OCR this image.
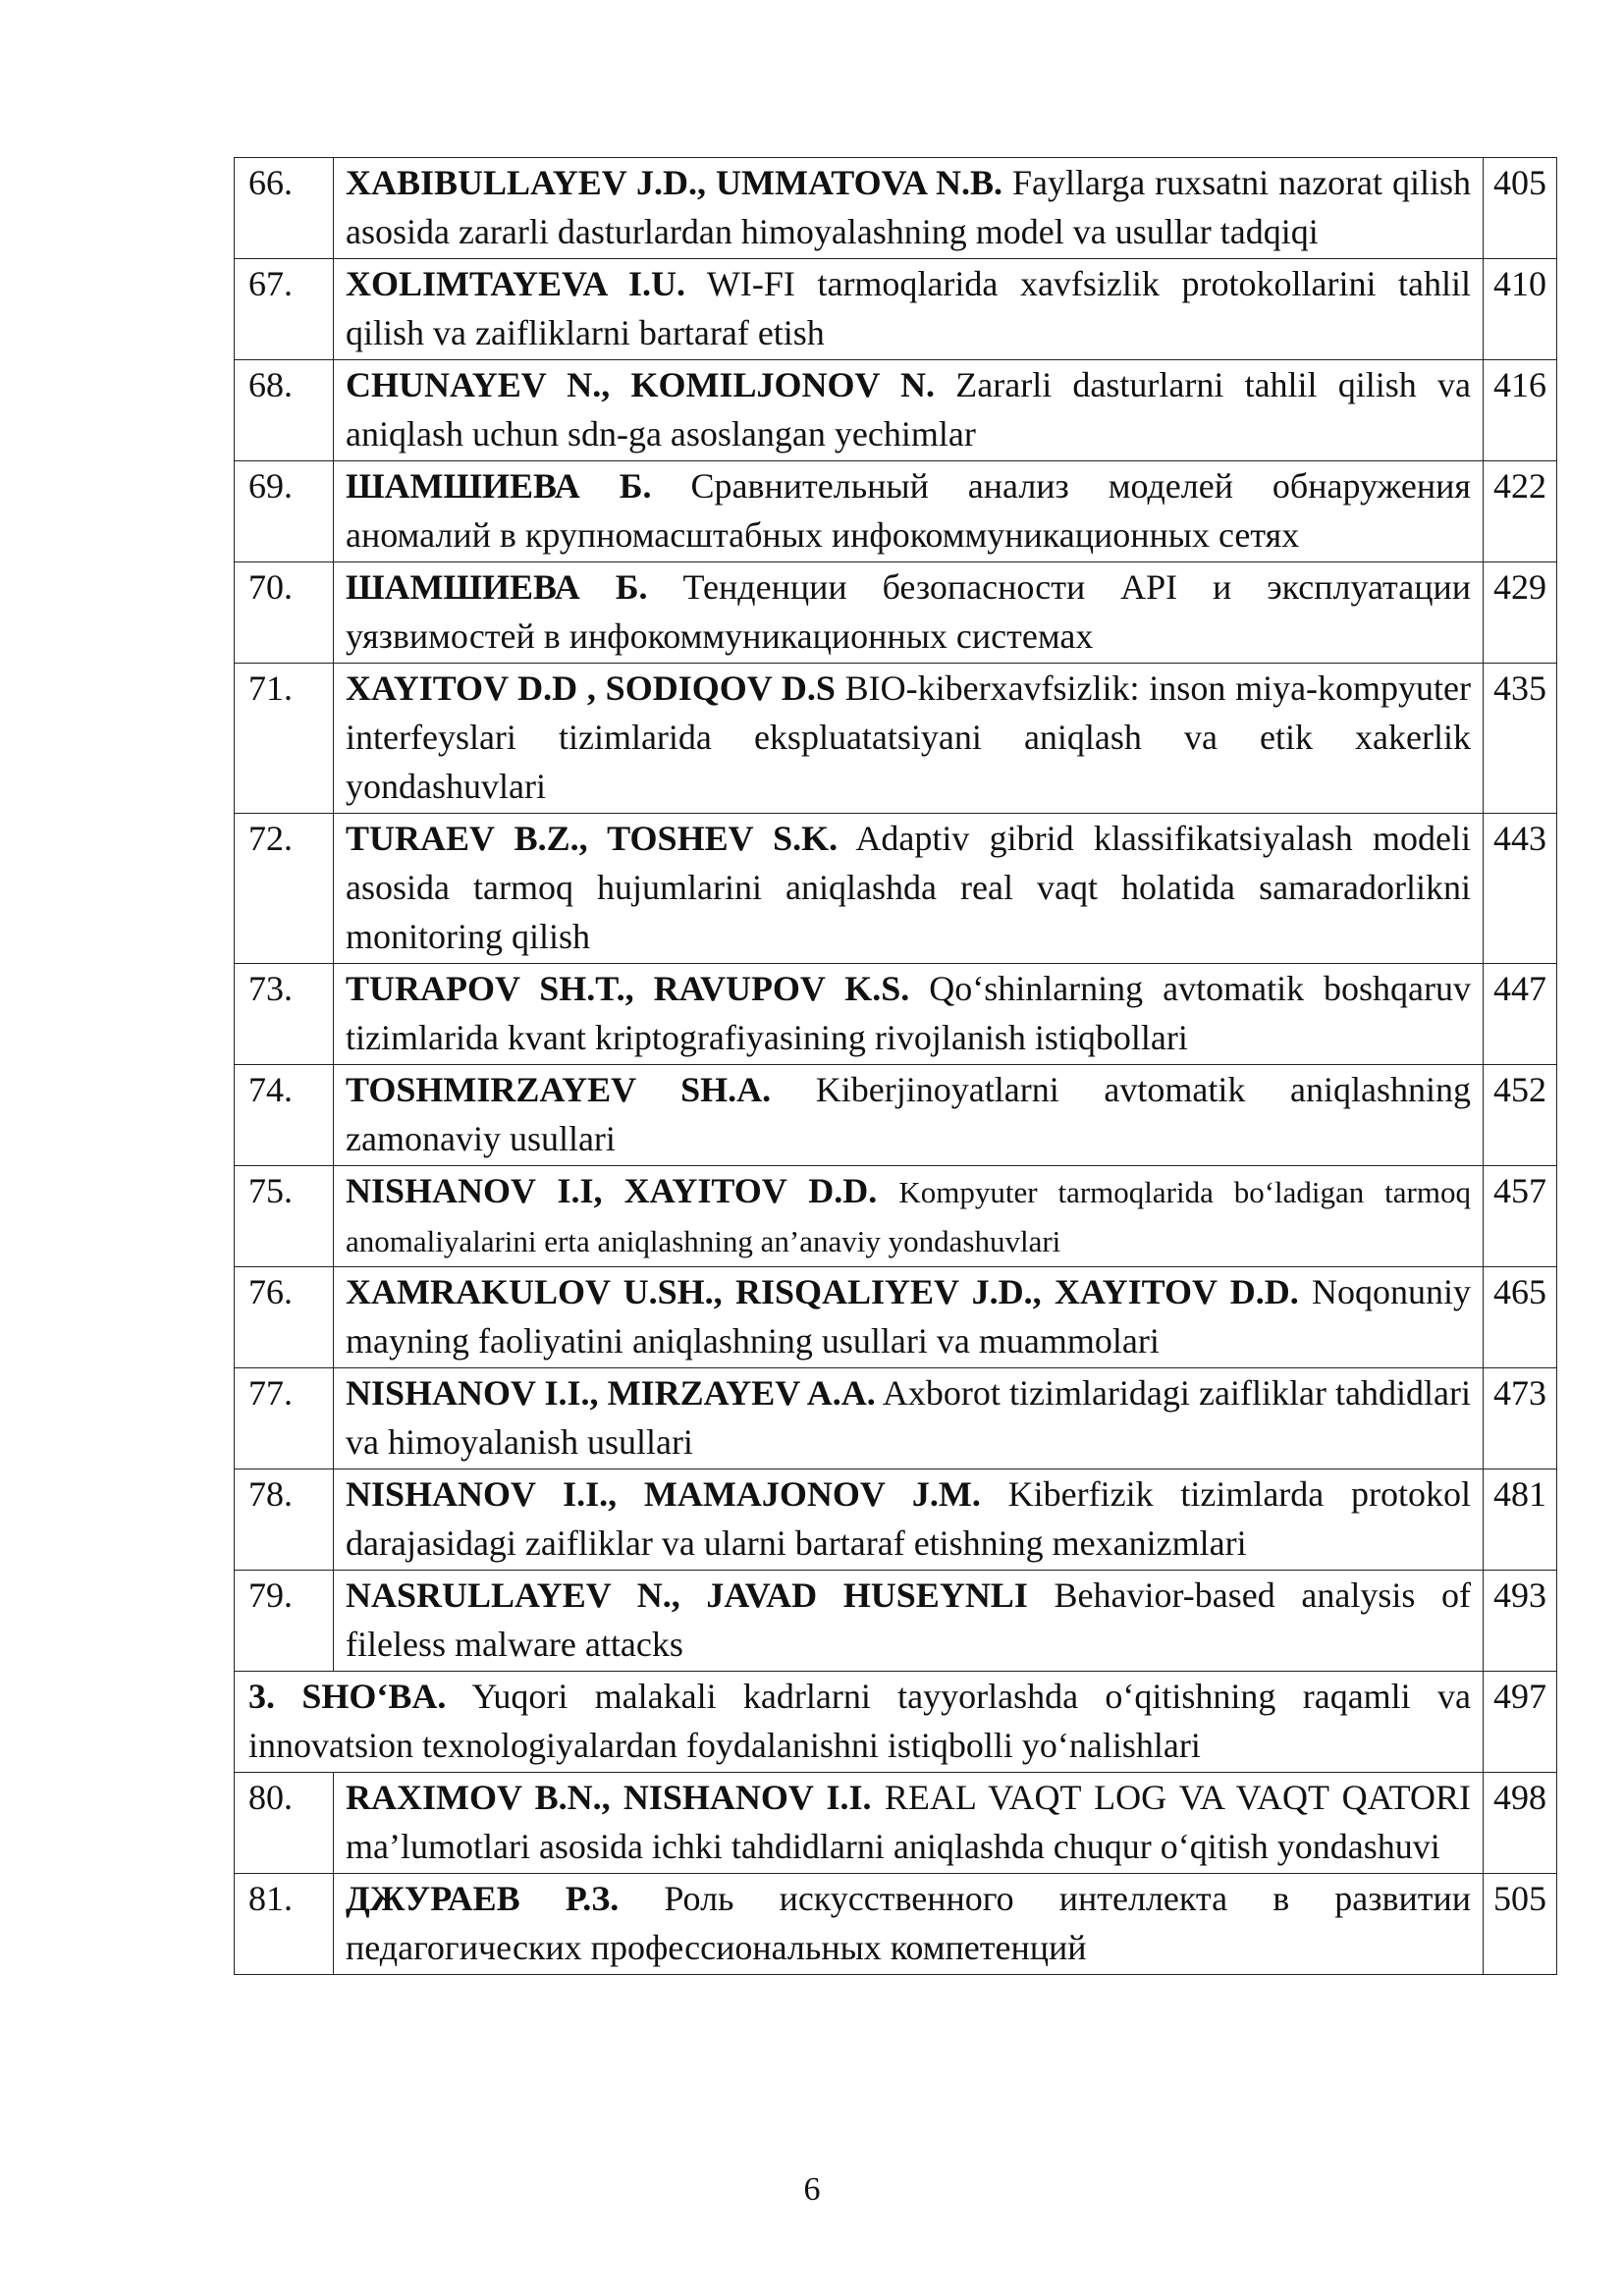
66.	XABIBULLAYEV J.D., UMMATOVA N.B. Fayllarga ruxsatni nazorat qilish asosida zararli dasturlardan himoyalashning model va usullar tadqiqi	405
67.	XOLIMTAYEVA I.U. WI-FI tarmoqlarida xavfsizlik protokollarini tahlil qilish va zaifliklarni bartaraf etish	410
68.	CHUNAYEV N., KOMILJONOV N. Zararli dasturlarni tahlil qilish va aniqlash uchun sdn-ga asoslangan yechimlar	416
69.	ШАМШИЕВА Б. Сравнительный анализ моделей обнаружения аномалий в крупномасштабных инфокоммуникационных сетях	422
70.	ШАМШИЕВА Б. Тенденции безопасности API и эксплуатации уязвимостей в инфокоммуникационных системах	429
71.	XAYITOV D.D , SODIQOV D.S BIO-kiberxavfsizlik: inson miya-kompyuter interfeyslari tizimlarida ekspluatatsiyani aniqlash va etik xakerlik yondashuvlari	435
72.	TURAEV B.Z., TOSHEV S.K. Adaptiv gibrid klassifikatsiyalash modeli asosida tarmoq hujumlarini aniqlashda real vaqt holatida samaradorlikni monitoring qilish	443
73.	TURAPOV SH.T., RAVUPOV K.S. Qo‘shinlarning avtomatik boshqaruv tizimlarida kvant kriptografiyasining rivojlanish istiqbollari	447
74.	TOSHMIRZAYEV SH.A. Kiberjinoyatlarni avtomatik aniqlashning zamonaviy usullari	452
75.	NISHANOV I.I, XAYITOV D.D. Kompyuter tarmoqlarida bo‘ladigan tarmoq anomaliyalarini erta aniqlashning an’anaviy yondashuvlari	457
76.	XAMRAKULOV U.SH., RISQALIYEV J.D., XAYITOV D.D. Noqonuniy mayning faoliyatini aniqlashning usullari va muammolari	465
77.	NISHANOV I.I., MIRZAYEV A.A. Axborot tizimlaridagi zaifliklar tahdidlari va himoyalanish usullari	473
78.	NISHANOV I.I., MAMAJONOV J.M. Kiberfizik tizimlarda protokol darajasidagi zaifliklar va ularni bartaraf etishning mexanizmlari	481
79.	NASRULLAYEV N., JAVAD HUSEYNLI Behavior-based analysis of fileless malware attacks	493
3. SHO‘BA. Yuqori malakali kadrlarni tayyorlashda o‘qitishning raqamli va innovatsion texnologiyalardan foydalanishni istiqbolli yo‘nalishlari		497
80.	RAXIMOV B.N., NISHANOV I.I. REAL VAQT LOG VA VAQT QATORI ma’lumotlari asosida ichki tahdidlarni aniqlashda chuqur o‘qitish yondashuvi	498
81.	ДЖУРАЕВ Р.З. Роль искусственного интеллекта в развитии педагогических профессиональных компетенций	505
6
